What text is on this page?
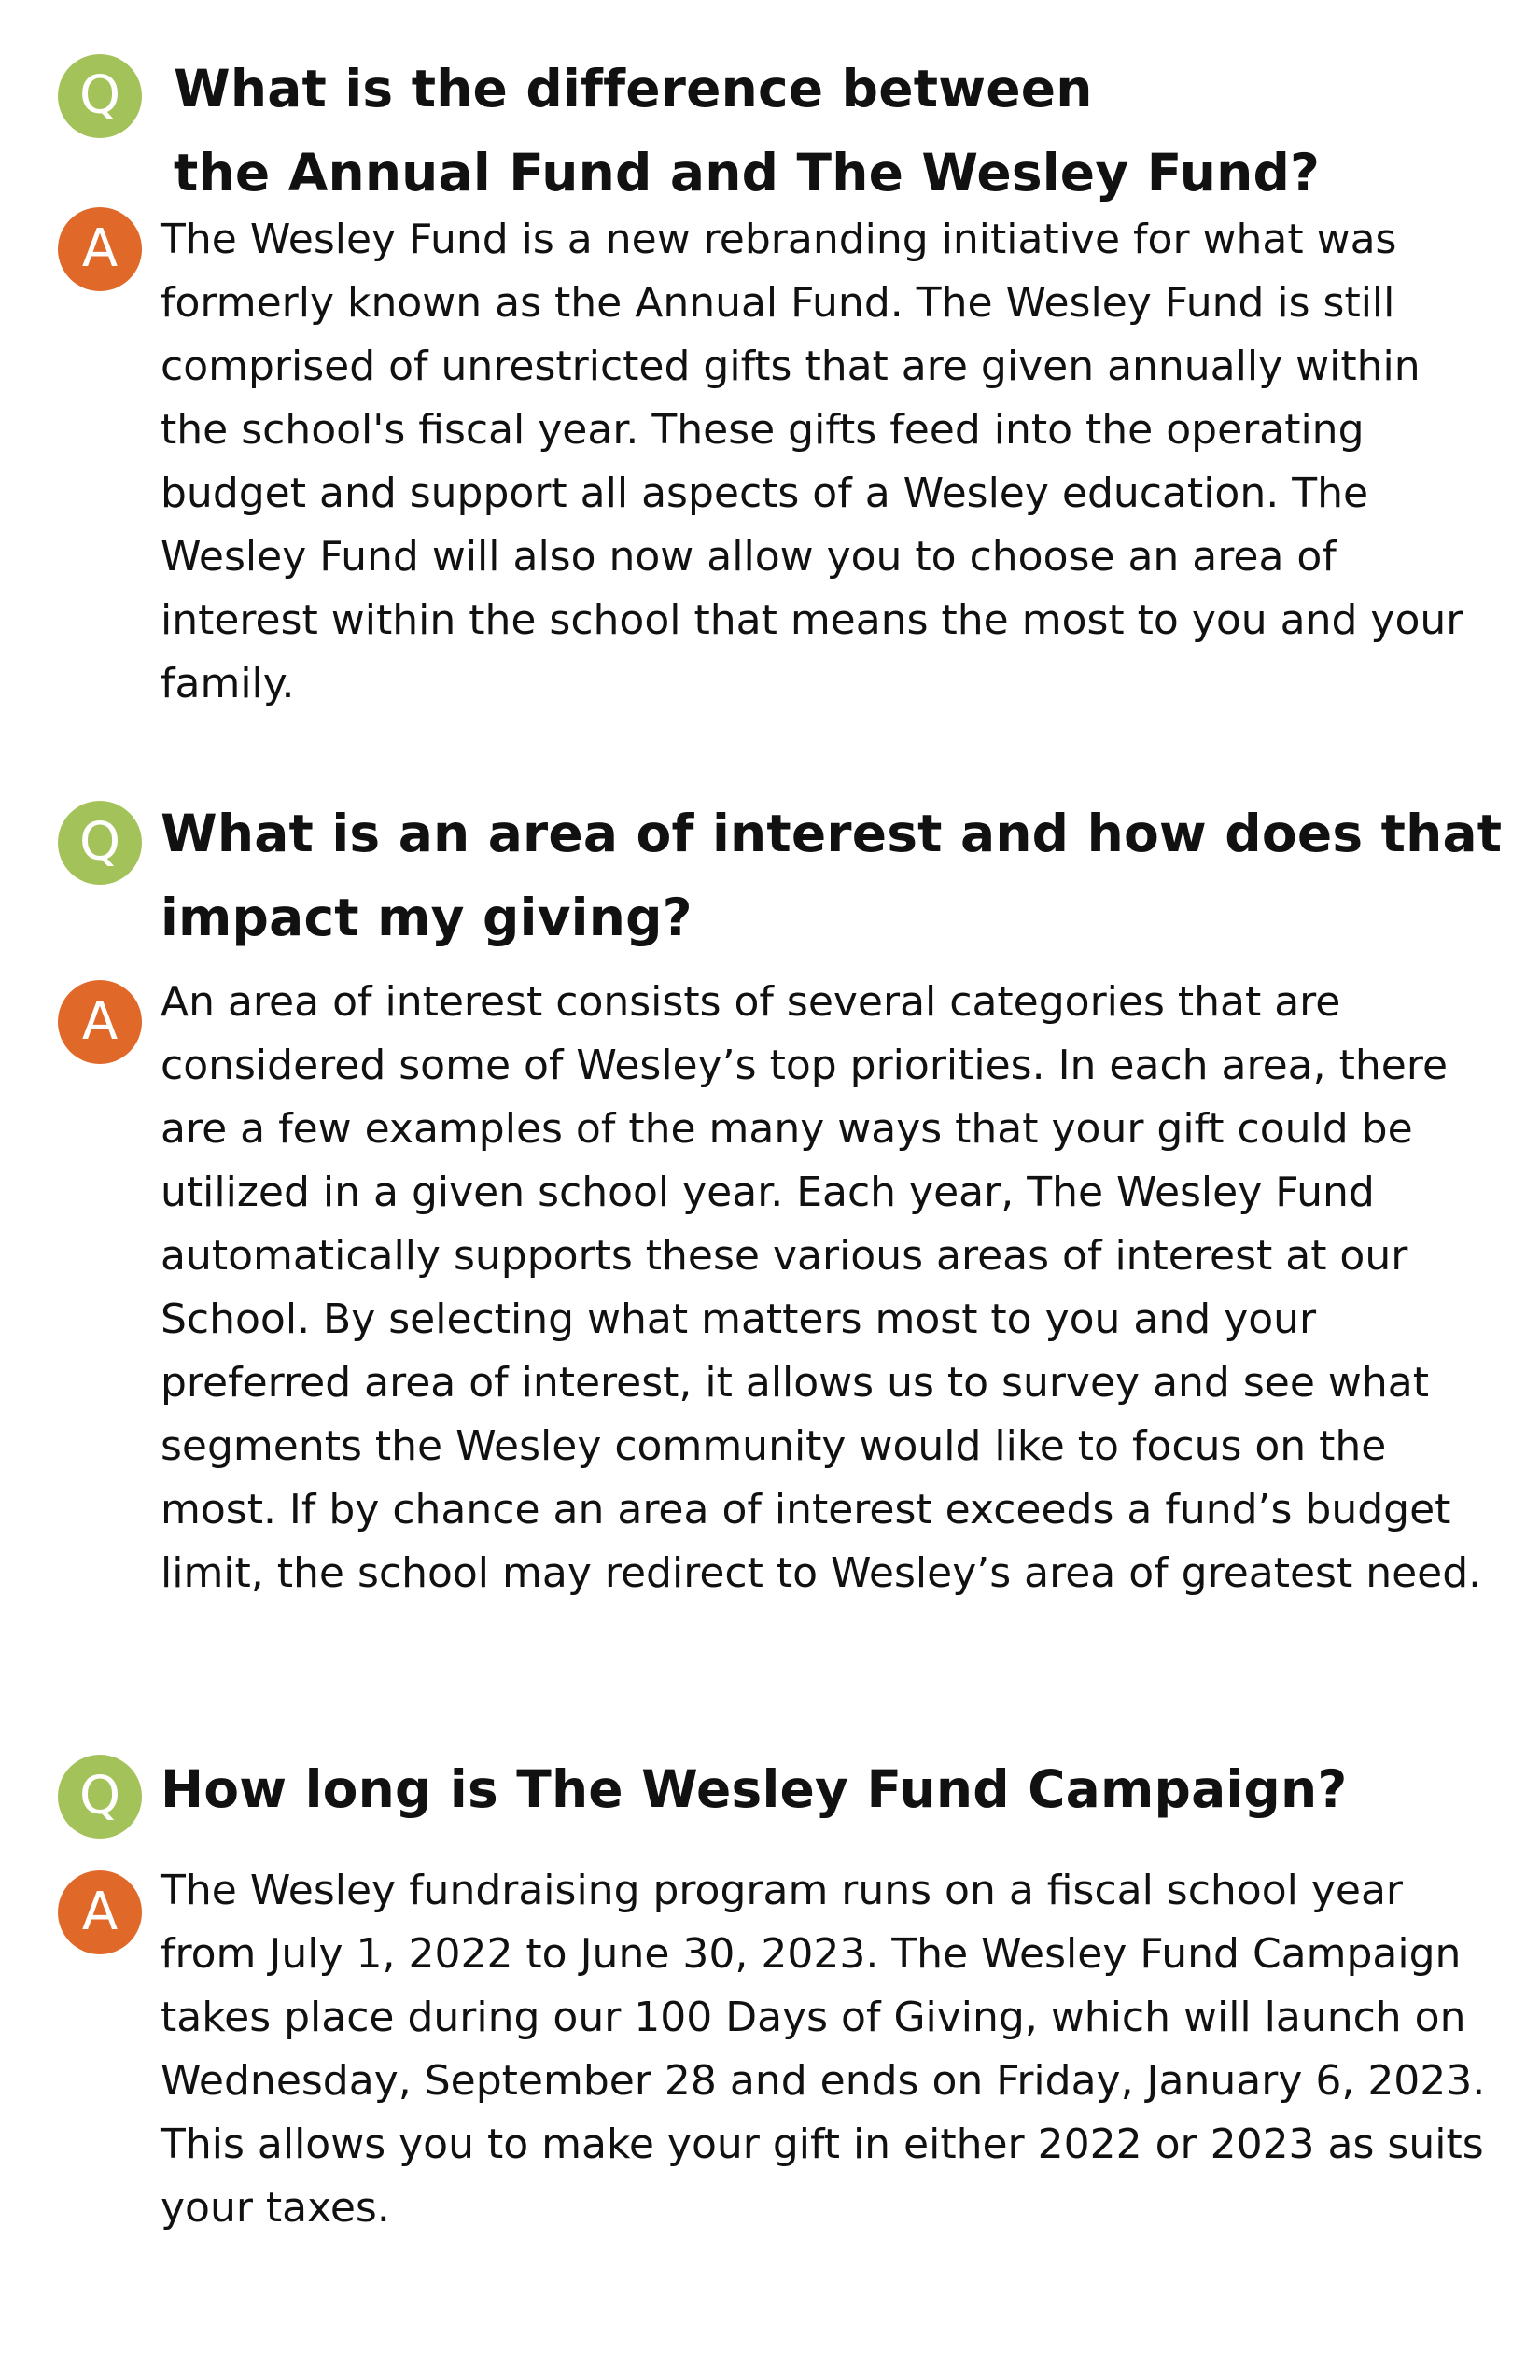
Q What is the difference between
the Annual Fund and The Wesley Fund?
A The Wesley Fund is a new rebranding initiative for what was
formerly known as the Annual Fund. The Wesley Fund is still
comprised of unrestricted gifts that are given annually within
the school's fiscal year. These gifts feed into the operating
budget and support all aspects of a Wesley education. The
Wesley Fund will also now allow you to choose an area of
interest within the school that means the most to you and your
family.

Q What is an area of interest and how does that
impact my giving?
A An area of interest consists of several categories that are
considered some of Wesley’s top priorities. In each area, there
are a few examples of the many ways that your gift could be
utilized in a given school year. Each year, The Wesley Fund
automatically supports these various areas of interest at our
School. By selecting what matters most to you and your
preferred area of interest, it allows us to survey and see what
segments the Wesley community would like to focus on the
most. If by chance an area of interest exceeds a fund’s budget
limit, the school may redirect to Wesley’s area of greatest need.

Q How long is The Wesley Fund Campaign?
A The Wesley fundraising program runs on a fiscal school year
from July 1, 2022 to June 30, 2023. The Wesley Fund Campaign
takes place during our 100 Days of Giving, which will launch on
Wednesday, September 28 and ends on Friday, January 6, 2023.
This allows you to make your gift in either 2022 or 2023 as suits
your taxes.
